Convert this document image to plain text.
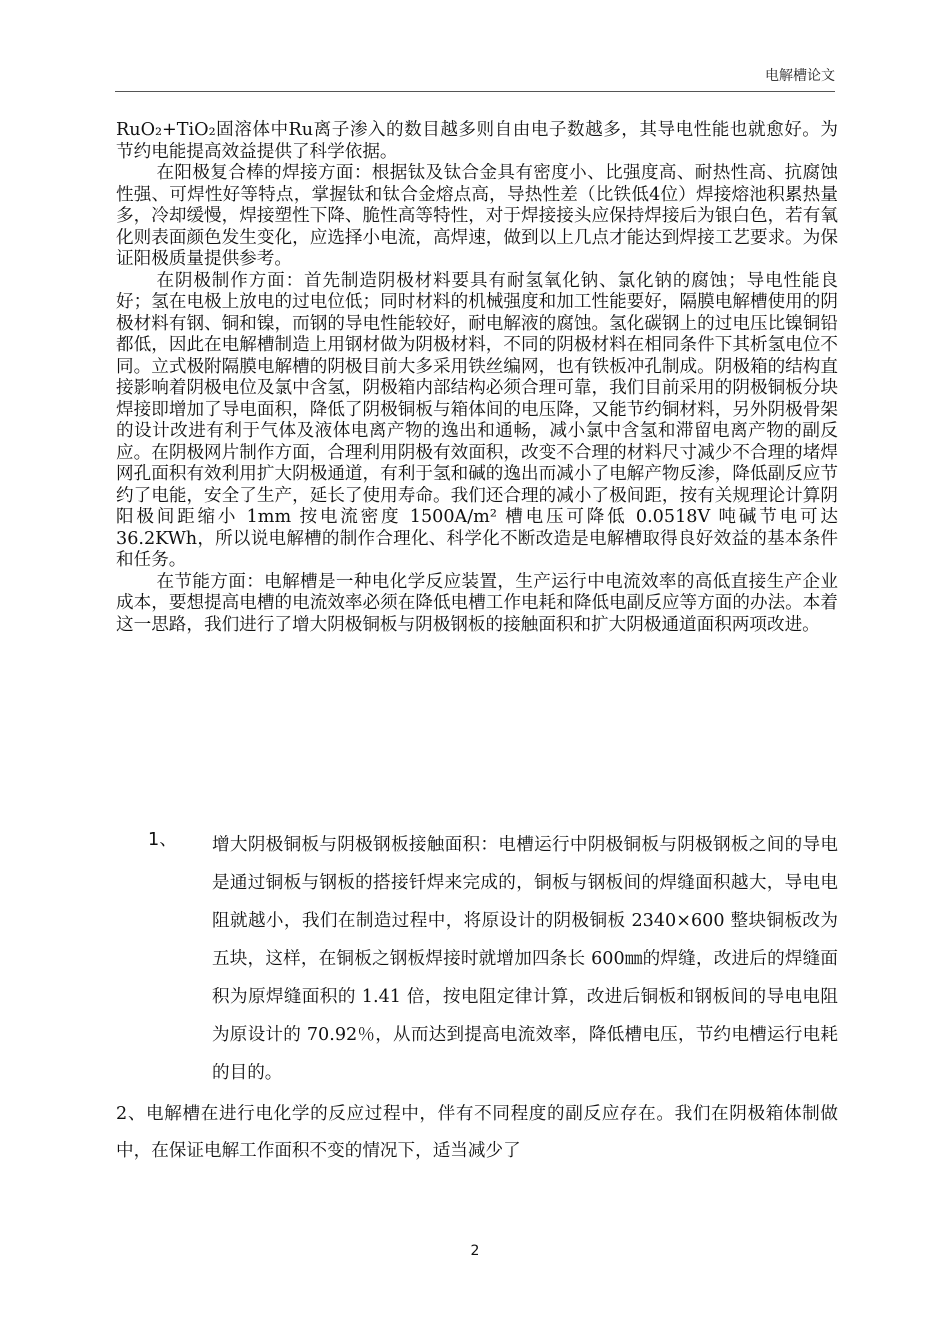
电解槽论文

RuO₂+TiO₂固溶体中Ru离子渗入的数目越多则自由电子数越多，其导电性能也就愈好。为节约电能提高效益提供了科学依据。

在阳极复合棒的焊接方面：根据钛及钛合金具有密度小、比强度高、耐热性高、抗腐蚀性强、可焊性好等特点，掌握钛和钛合金熔点高，导热性差（比铁低4位）焊接熔池积累热量多，冷却缓慢，焊接塑性下降、脆性高等特性，对于焊接接头应保持焊接后为银白色，若有氧化则表面颜色发生变化，应选择小电流，高焊速，做到以上几点才能达到焊接工艺要求。为保证阳极质量提供参考。

在阴极制作方面：首先制造阴极材料要具有耐氢氧化钠、氯化钠的腐蚀；导电性能良好；氢在电极上放电的过电位低；同时材料的机械强度和加工性能要好，隔膜电解槽使用的阴极材料有钢、铜和镍，而钢的导电性能较好，耐电解液的腐蚀。氢化碳钢上的过电压比镍铜铅都低，因此在电解槽制造上用钢材做为阴极材料，不同的阴极材料在相同条件下其析氢电位不同。立式极附隔膜电解槽的阴极目前大多采用铁丝编网，也有铁板冲孔制成。阴极箱的结构直接影响着阴极电位及氯中含氢，阴极箱内部结构必须合理可靠，我们目前采用的阴极铜板分块焊接即增加了导电面积，降低了阴极铜板与箱体间的电压降，又能节约铜材料，另外阴极骨架的设计改进有利于气体及液体电离产物的逸出和通畅，减小氯中含氢和滞留电离产物的副反应。在阴极网片制作方面，合理利用阴极有效面积，改变不合理的材料尺寸减少不合理的堵焊网孔面积有效利用扩大阴极通道，有利于氢和碱的逸出而减小了电解产物反渗，降低副反应节约了电能，安全了生产，延长了使用寿命。我们还合理的减小了极间距，按有关规理论计算阴阳极间距缩小 1mm 按电流密度 1500A/m² 槽电压可降低 0.0518V 吨碱节电可达 36.2KWh，所以说电解槽的制作合理化、科学化不断改造是电解槽取得良好效益的基本条件和任务。

在节能方面：电解槽是一种电化学反应装置，生产运行中电流效率的高低直接生产企业成本，要想提高电槽的电流效率必须在降低电槽工作电耗和降低电副反应等方面的办法。本着这一思路，我们进行了增大阴极铜板与阴极钢板的接触面积和扩大阴极通道面积两项改进。

1、	增大阴极铜板与阴极钢板接触面积：电槽运行中阴极铜板与阴极钢板之间的导电是通过铜板与钢板的搭接钎焊来完成的，铜板与钢板间的焊缝面积越大，导电电阻就越小，我们在制造过程中，将原设计的阴极铜板 2340×600 整块铜板改为五块，这样，在铜板之钢板焊接时就增加四条长 600㎜的焊缝，改进后的焊缝面积为原焊缝面积的 1.41 倍，按电阻定律计算，改进后铜板和钢板间的导电电阻为原设计的 70.92％，从而达到提高电流效率，降低槽电压，节约电槽运行电耗的目的。
2、电解槽在进行电化学的反应过程中，伴有不同程度的副反应存在。我们在阴极箱体制做中，在保证电解工作面积不变的情况下，适当减少了
2
